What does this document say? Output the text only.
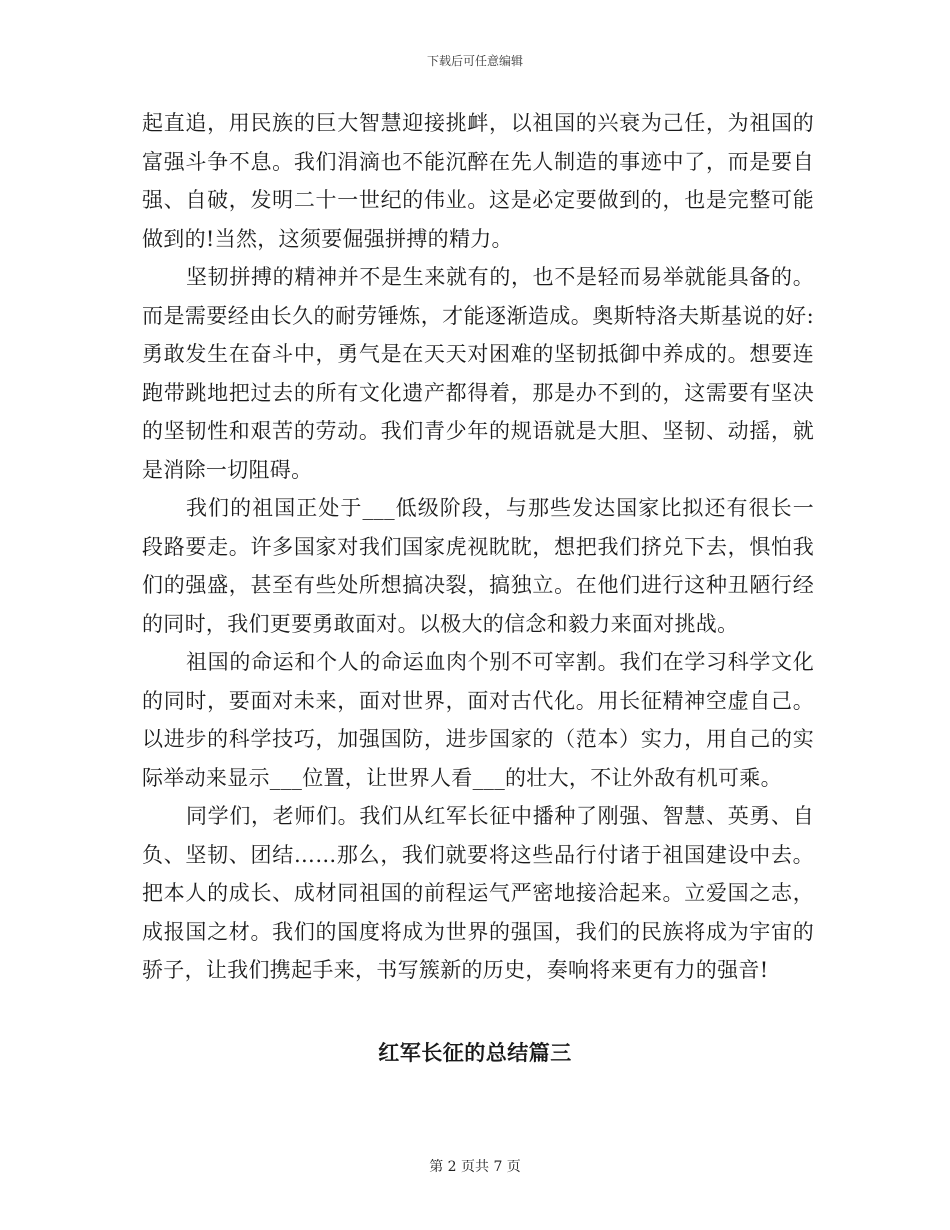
下载后可任意编辑

起直追，用民族的巨大智慧迎接挑衅，以祖国的兴衰为己任，为祖国的富强斗争不息。我们涓滴也不能沉醉在先人制造的事迹中了，而是要自强、自破，发明二十一世纪的伟业。这是必定要做到的，也是完整可能做到的!当然，这须要倔强拼搏的精力。

坚韧拼搏的精神并不是生来就有的，也不是轻而易举就能具备的。而是需要经由长久的耐劳锤炼，才能逐渐造成。奥斯特洛夫斯基说的好:勇敢发生在奋斗中，勇气是在天天对困难的坚韧抵御中养成的。想要连跑带跳地把过去的所有文化遗产都得着，那是办不到的，这需要有坚决的坚韧性和艰苦的劳动。我们青少年的规语就是大胆、坚韧、动摇，就是消除一切阻碍。

我们的祖国正处于___低级阶段，与那些发达国家比拟还有很长一段路要走。许多国家对我们国家虎视眈眈，想把我们挤兑下去，惧怕我们的强盛，甚至有些处所想搞决裂，搞独立。在他们进行这种丑陋行经的同时，我们更要勇敢面对。以极大的信念和毅力来面对挑战。

祖国的命运和个人的命运血肉个别不可宰割。我们在学习科学文化的同时，要面对未来，面对世界，面对古代化。用长征精神空虚自己。以进步的科学技巧，加强国防，进步国家的（范本）实力，用自己的实际举动来显示___位置，让世界人看___的壮大，不让外敌有机可乘。

同学们，老师们。我们从红军长征中播种了刚强、智慧、英勇、自负、坚韧、团结……那么，我们就要将这些品行付诸于祖国建设中去。把本人的成长、成材同祖国的前程运气严密地接洽起来。立爱国之志，成报国之材。我们的国度将成为世界的强国，我们的民族将成为宇宙的骄子，让我们携起手来，书写簇新的历史，奏响将来更有力的强音!

红军长征的总结篇三
第 2 页共 7 页
